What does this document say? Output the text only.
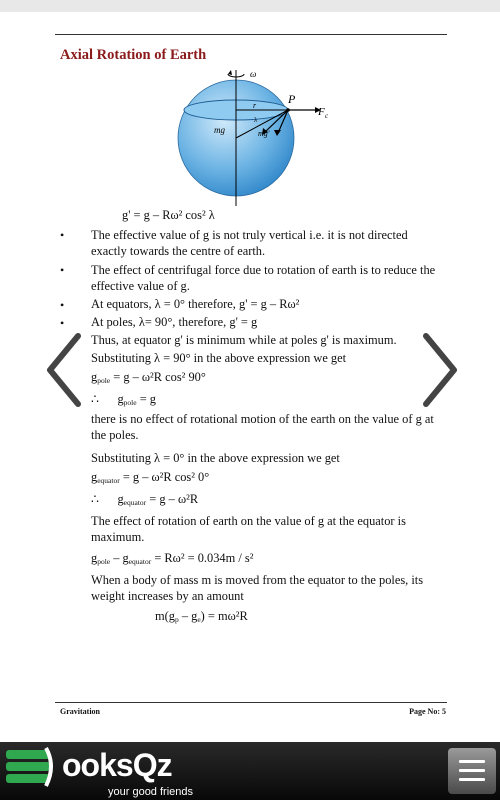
Axial Rotation of Earth
ω
P
F c
r
λ
mg	mg'
g' = g – Rω² cos² λ
• The effective value of g is not truly vertical i.e. it is not directed exactly towards the centre of earth.
• The effect of centrifugal force due to rotation of earth is to reduce the effective value of g.
• At equators, λ = 0° therefore, g' = g – Rω²
• At poles, λ= 90°, therefore, g' = g
Thus, at equator g' is minimum while at poles g' is maximum.
Substituting λ = 90° in the above expression we get
$g_{pole} = g - \omega^2R$ cos² 90°
∴      $g_{pole} = g$
there is no effect of rotational motion of the earth on the value of g at the poles.
Substituting λ = 0° in the above expression we get
$g_{equator} = g - \omega^2R$ cos² 0°
∴      $g_{equator} = g - \omega^2R$
The effect of rotation of earth on the value of g at the equator is maximum.
$g_{pole} - g_{equator} = R\omega^2 = 0.034m / s^2$
When a body of mass m is moved from the equator to the poles, its weight increases by an amount
$m(g_p - g_e) = m\omega^2R$
Gravitation	Page No: 5
ooksQz
your good friends
